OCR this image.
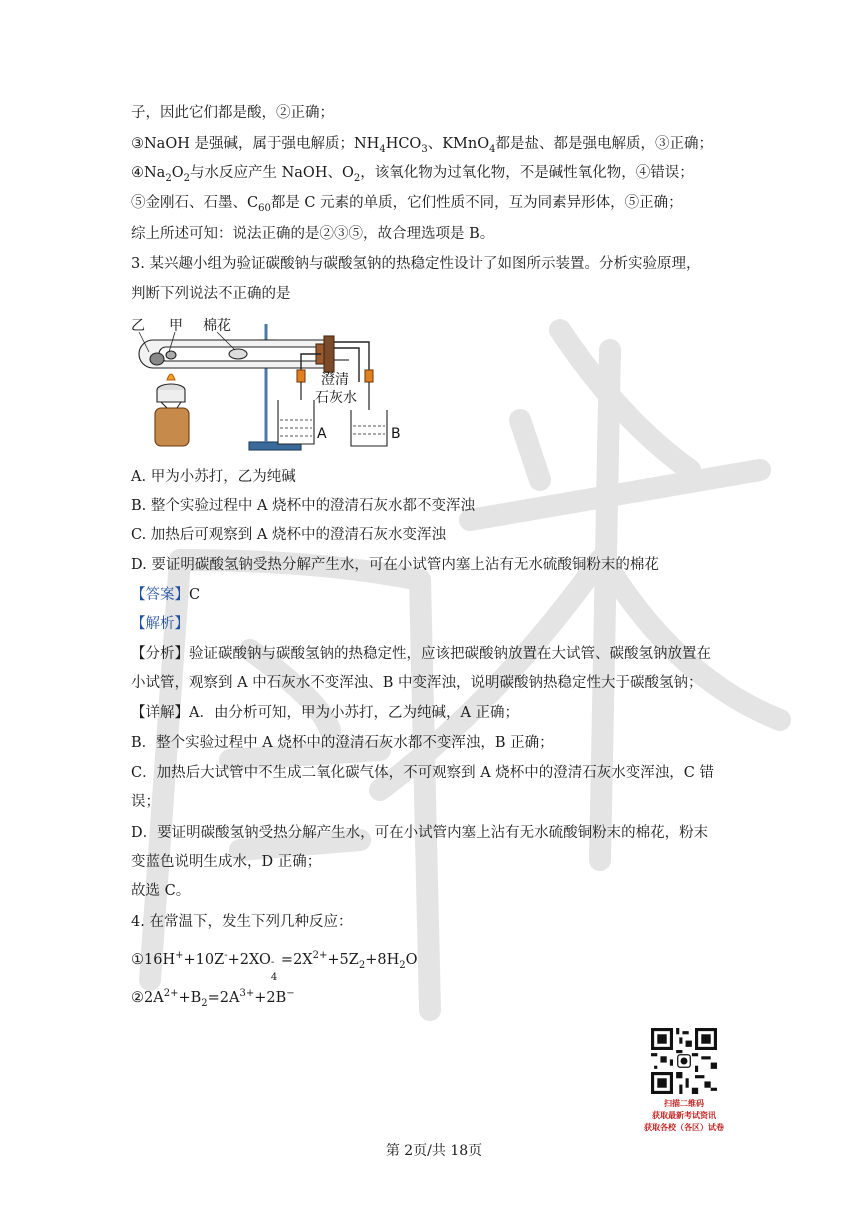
子，因此它们都是酸，②正确；
③NaOH 是强碱，属于强电解质；$NH_4HCO_3$、KMnO$_4$都是盐、都是强电解质，③正确；
$④Na_2O_2$与水反应产生 NaOH、$O_2$，该氧化物为过氧化物，不是碱性氧化物，④错误；
⑤金刚石、石墨、$C_{60}$都是 C 元素的单质，它们性质不同，互为同素异形体，⑤正确；
综上所述可知：说法正确的是②③⑤，故合理选项是 B。
3. 某兴趣小组为验证碳酸钠与碳酸氢钠的热稳定性设计了如图所示装置。分析实验原理，
判断下列说法不正确的是
乙 甲 棉花
澄清
石灰水
A	B
A. 甲为小苏打，乙为纯碱
B. 整个实验过程中 A 烧杯中的澄清石灰水都不变浑浊
C. 加热后可观察到 A 烧杯中的澄清石灰水变浑浊
D. 要证明碳酸氢钠受热分解产生水，可在小试管内塞上沾有无水硫酸铜粉末的棉花
【答案】C
【解析】
【分析】验证碳酸钠与碳酸氢钠的热稳定性，应该把碳酸钠放置在大试管、碳酸氢钠放置在
小试管，观察到 A 中石灰水不变浑浊、B 中变浑浊，说明碳酸钠热稳定性大于碳酸氢钠；
【详解】A．由分析可知，甲为小苏打，乙为纯碱，A 正确；
B．整个实验过程中 A 烧杯中的澄清石灰水都不变浑浊，B 正确；
C．加热后大试管中不生成二氧化碳气体，不可观察到 A 烧杯中的澄清石灰水变浑浊，C 错
误；
D．要证明碳酸氢钠受热分解产生水，可在小试管内塞上沾有无水硫酸铜粉末的棉花，粉末
变蓝色说明生成水，D 正确；
故选 C。
4. 在常温下，发生下列几种反应：
①16H++10Z-+2XO -
4
$=2X^{2+}+5Z_2+8H_2O$
$②2A^{2+}+B_2=2A^{3+}+2B^-$
扫描二维码
获取最新考试资讯
获取各校（各区）试卷
第 2页/共 18页
